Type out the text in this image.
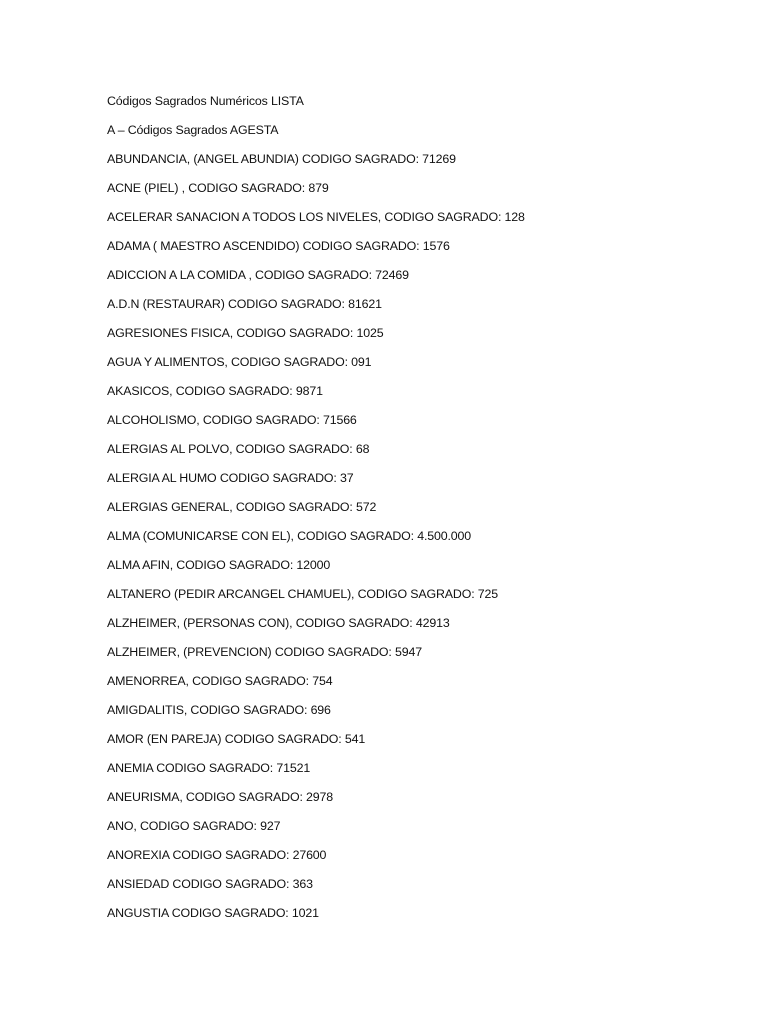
Códigos Sagrados Numéricos LISTA
A – Códigos Sagrados AGESTA
ABUNDANCIA, (ANGEL ABUNDIA) CODIGO SAGRADO: 71269
ACNE (PIEL) , CODIGO SAGRADO: 879
ACELERAR SANACION A TODOS LOS NIVELES, CODIGO SAGRADO: 128
ADAMA ( MAESTRO ASCENDIDO) CODIGO SAGRADO: 1576
ADICCION A LA COMIDA , CODIGO SAGRADO: 72469
A.D.N (RESTAURAR) CODIGO SAGRADO: 81621
AGRESIONES FISICA, CODIGO SAGRADO: 1025
AGUA Y ALIMENTOS, CODIGO SAGRADO: 091
AKASICOS, CODIGO SAGRADO: 9871
ALCOHOLISMO, CODIGO SAGRADO: 71566
ALERGIAS AL POLVO, CODIGO SAGRADO: 68
ALERGIA AL HUMO CODIGO SAGRADO: 37
ALERGIAS GENERAL, CODIGO SAGRADO: 572
ALMA (COMUNICARSE CON EL), CODIGO SAGRADO: 4.500.000
ALMA AFIN, CODIGO SAGRADO: 12000
ALTANERO (PEDIR ARCANGEL CHAMUEL), CODIGO SAGRADO: 725
ALZHEIMER, (PERSONAS CON), CODIGO SAGRADO: 42913
ALZHEIMER, (PREVENCION) CODIGO SAGRADO: 5947
AMENORREA, CODIGO SAGRADO: 754
AMIGDALITIS, CODIGO SAGRADO: 696
AMOR (EN PAREJA) CODIGO SAGRADO: 541
ANEMIA CODIGO SAGRADO: 71521
ANEURISMA, CODIGO SAGRADO: 2978
ANO, CODIGO SAGRADO: 927
ANOREXIA CODIGO SAGRADO: 27600
ANSIEDAD CODIGO SAGRADO: 363
ANGUSTIA CODIGO SAGRADO: 1021
